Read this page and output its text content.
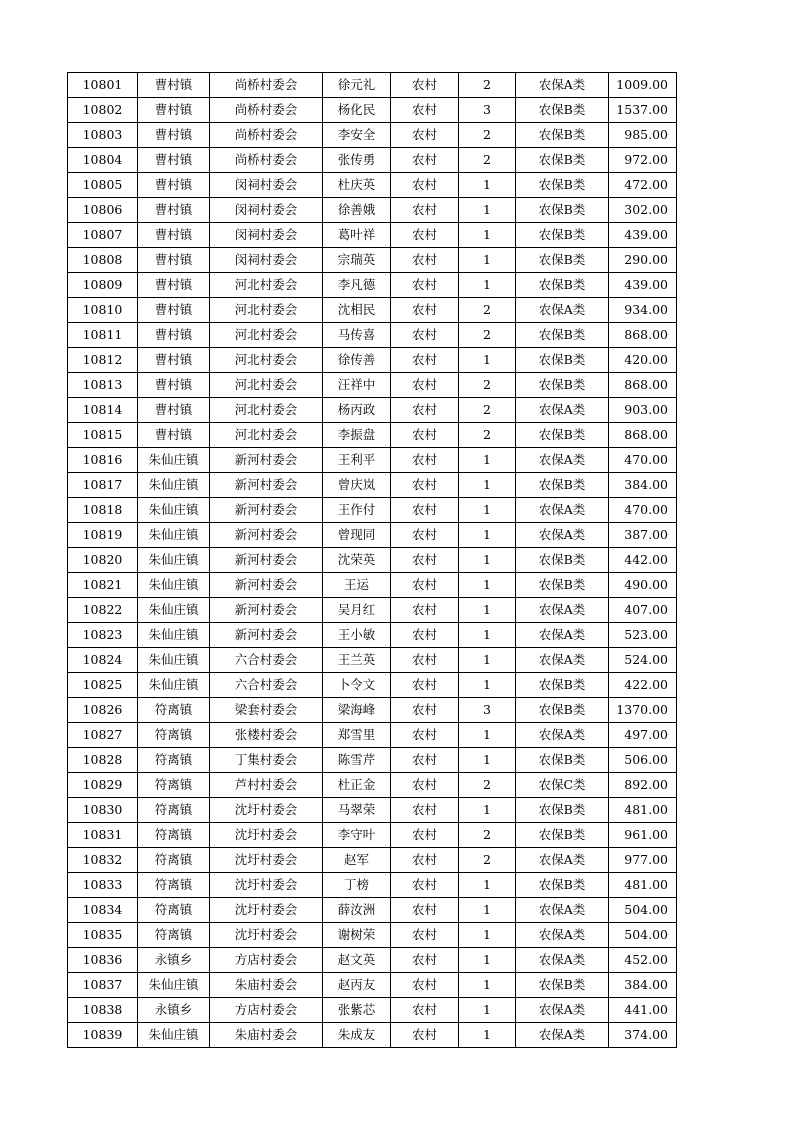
10801	曹村镇	尚桥村委会	徐元礼	农村	2	农保A类	1009.00
10802	曹村镇	尚桥村委会	杨化民	农村	3	农保B类	1537.00
10803	曹村镇	尚桥村委会	李安全	农村	2	农保B类	985.00
10804	曹村镇	尚桥村委会	张传勇	农村	2	农保B类	972.00
10805	曹村镇	闵祠村委会	杜庆英	农村	1	农保B类	472.00
10806	曹村镇	闵祠村委会	徐善娥	农村	1	农保B类	302.00
10807	曹村镇	闵祠村委会	葛叶祥	农村	1	农保B类	439.00
10808	曹村镇	闵祠村委会	宗瑞英	农村	1	农保B类	290.00
10809	曹村镇	河北村委会	李凡德	农村	1	农保B类	439.00
10810	曹村镇	河北村委会	沈相民	农村	2	农保A类	934.00
10811	曹村镇	河北村委会	马传喜	农村	2	农保B类	868.00
10812	曹村镇	河北村委会	徐传善	农村	1	农保B类	420.00
10813	曹村镇	河北村委会	汪祥中	农村	2	农保B类	868.00
10814	曹村镇	河北村委会	杨丙政	农村	2	农保A类	903.00
10815	曹村镇	河北村委会	李振盘	农村	2	农保B类	868.00
10816	朱仙庄镇	新河村委会	王利平	农村	1	农保A类	470.00
10817	朱仙庄镇	新河村委会	曾庆岚	农村	1	农保B类	384.00
10818	朱仙庄镇	新河村委会	王作付	农村	1	农保A类	470.00
10819	朱仙庄镇	新河村委会	曾现同	农村	1	农保A类	387.00
10820	朱仙庄镇	新河村委会	沈荣英	农村	1	农保B类	442.00
10821	朱仙庄镇	新河村委会	王运	农村	1	农保B类	490.00
10822	朱仙庄镇	新河村委会	吴月红	农村	1	农保A类	407.00
10823	朱仙庄镇	新河村委会	王小敏	农村	1	农保A类	523.00
10824	朱仙庄镇	六合村委会	王兰英	农村	1	农保A类	524.00
10825	朱仙庄镇	六合村委会	卜令文	农村	1	农保B类	422.00
10826	符离镇	梁套村委会	梁海峰	农村	3	农保B类	1370.00
10827	符离镇	张楼村委会	郑雪里	农村	1	农保A类	497.00
10828	符离镇	丁集村委会	陈雪芹	农村	1	农保B类	506.00
10829	符离镇	芦村村委会	杜正金	农村	2	农保C类	892.00
10830	符离镇	沈圩村委会	马翠荣	农村	1	农保B类	481.00
10831	符离镇	沈圩村委会	李守叶	农村	2	农保B类	961.00
10832	符离镇	沈圩村委会	赵军	农村	2	农保A类	977.00
10833	符离镇	沈圩村委会	丁榜	农村	1	农保B类	481.00
10834	符离镇	沈圩村委会	薛汝洲	农村	1	农保A类	504.00
10835	符离镇	沈圩村委会	谢树荣	农村	1	农保A类	504.00
10836	永镇乡	方店村委会	赵文英	农村	1	农保A类	452.00
10837	朱仙庄镇	朱庙村委会	赵丙友	农村	1	农保B类	384.00
10838	永镇乡	方店村委会	张紫芯	农村	1	农保A类	441.00
10839	朱仙庄镇	朱庙村委会	朱成友	农村	1	农保A类	374.00
